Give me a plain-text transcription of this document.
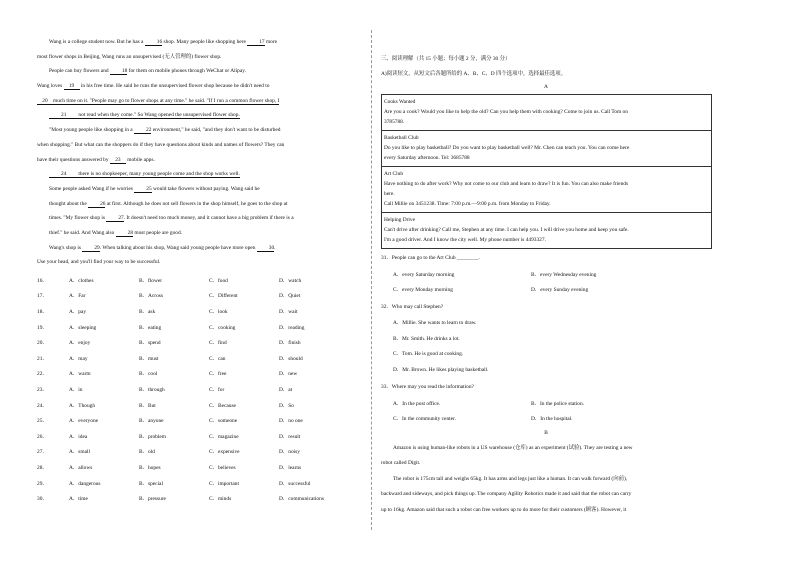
Wang is a college student now. But he has a 16 shop. Many people like shopping here 17 more

most flower shops in Beijing, Wang runs an unsupervised (无人管理的) flower shop.

People can buy flowers and 18 for them on mobile phones through WeChat or Alipay.

Wang loves 19 in his free time. He said he runs the unsupervised flower shop because he didn't need to

20much time on it. "People may go to flower shops at any time." he said. "If I run a common flower shop, I

21not read when they come." So Wang opened the unsupervised flower shop.

"Most young people like shopping in a 22 environment," he said, "and they don't want to be disturbed

when shopping." But what can the shoppers do if they have questions about kinds and names of flowers? They can

have their questions answered by 23 mobile apps.

24there is no shopkeeper, many young people come and the shop works well.

Some people asked Wang if he worries 25 would take flowers without paying. Wang said he

thought about the 26 at first. Although he does not sell flowers in the shop himself, he goes to the shop at

times. "My flower shop is 27. It doesn't need too much money, and it cannot have a big problem if there is a

thief." he said. And Wang also 28 most people are good.

Wang's shop is 29. When talking about his shop, Wang said young people have more open 30.

Use your head, and you'll find your way to be successful.

16．	A．clothes	B．flower	C．food	D．watch
17．	A．Far	B．Across	C．Different	D．Quiet
18．	A．pay	B．ask	C．look	D．wait
19．	A．sleeping	B．eating	C．cooking	D．reading
20．	A．enjoy	B．spend	C．find	D．finish
21．	A．may	B．must	C．can	D．should
22．	A．warm	B．cool	C．free	D．new
23．	A．in	B．through	C．for	D．at
24．	A．Though	B．But	C．Because	D．So
25．	A．everyone	B．anyone	C．someone	D．no one
26．	A．idea	B．problem	C．magazine	D．result
27．	A．small	B．old	C．expensive	D．noisy
28．	A．allows	B．hopes	C．believes	D．learns
29．	A．dangerous	B．special	C．important	D．successful
30．	A．time	B．pressure	C．minds	D．communications

三、阅读理解（共 15 小题；每小题 2 分，满分 30 分）

A)阅读短文，从短文后各题所给的 A、B、C、D 四个选项中，选择最佳选项。

A

Cooks Wanted
Are you a cook? Would you like to help the old? Can you help them with cooking? Come to join us. Call Tom on
3785788.
Basketball Club
Do you like to play basketball? Do you want to play basketball well? Mr. Chen can teach you. You can come here
every Saturday afternoon. Tel: 3685788
Art Club
Have nothing to do after work? Why not come to our club and learn to draw? It is fun. You can also make friends
here.
Call Millie on 3451238. Time: 7:00 p.m.—9:00 p.m. from Monday to Friday.
Helping Drive
Can't drive after drinking? Call me, Stephen at any time. I can help you. I will drive you home and keep you safe.
I'm a good driver. And I know the city well. My phone number is 4493327.

31．People can go to the Art Club ________.

A．every Saturday morning	B．every Wednesday evening
C．every Monday morning	D．every Sunday evening

32．Who may call Stephen?

A．Millie. She wants to learn to draw.
B．Mr. Smith. He drinks a lot.
C．Tom. He is good at cooking.
D．Mr. Brown. He likes playing basketball.

33．Where may you read the information?

A．In the post office.	B．In the police station.
C．In the community center.	D．In the hospital.

B

Amazon is using human-like robots in a US warehouse (仓库) as an experiment (试验). They are testing a new

robot called Digit.

The robot is 175cm tall and weighs 65kg. It has arms and legs just like a human. It can walk forward (向前),

backward and sideways, and pick things up. The company Agility Robotics made it and said that the robot can carry

up to 16kg. Amazon said that such a robot can free workers up to do more for their customers (顾客). However, it
